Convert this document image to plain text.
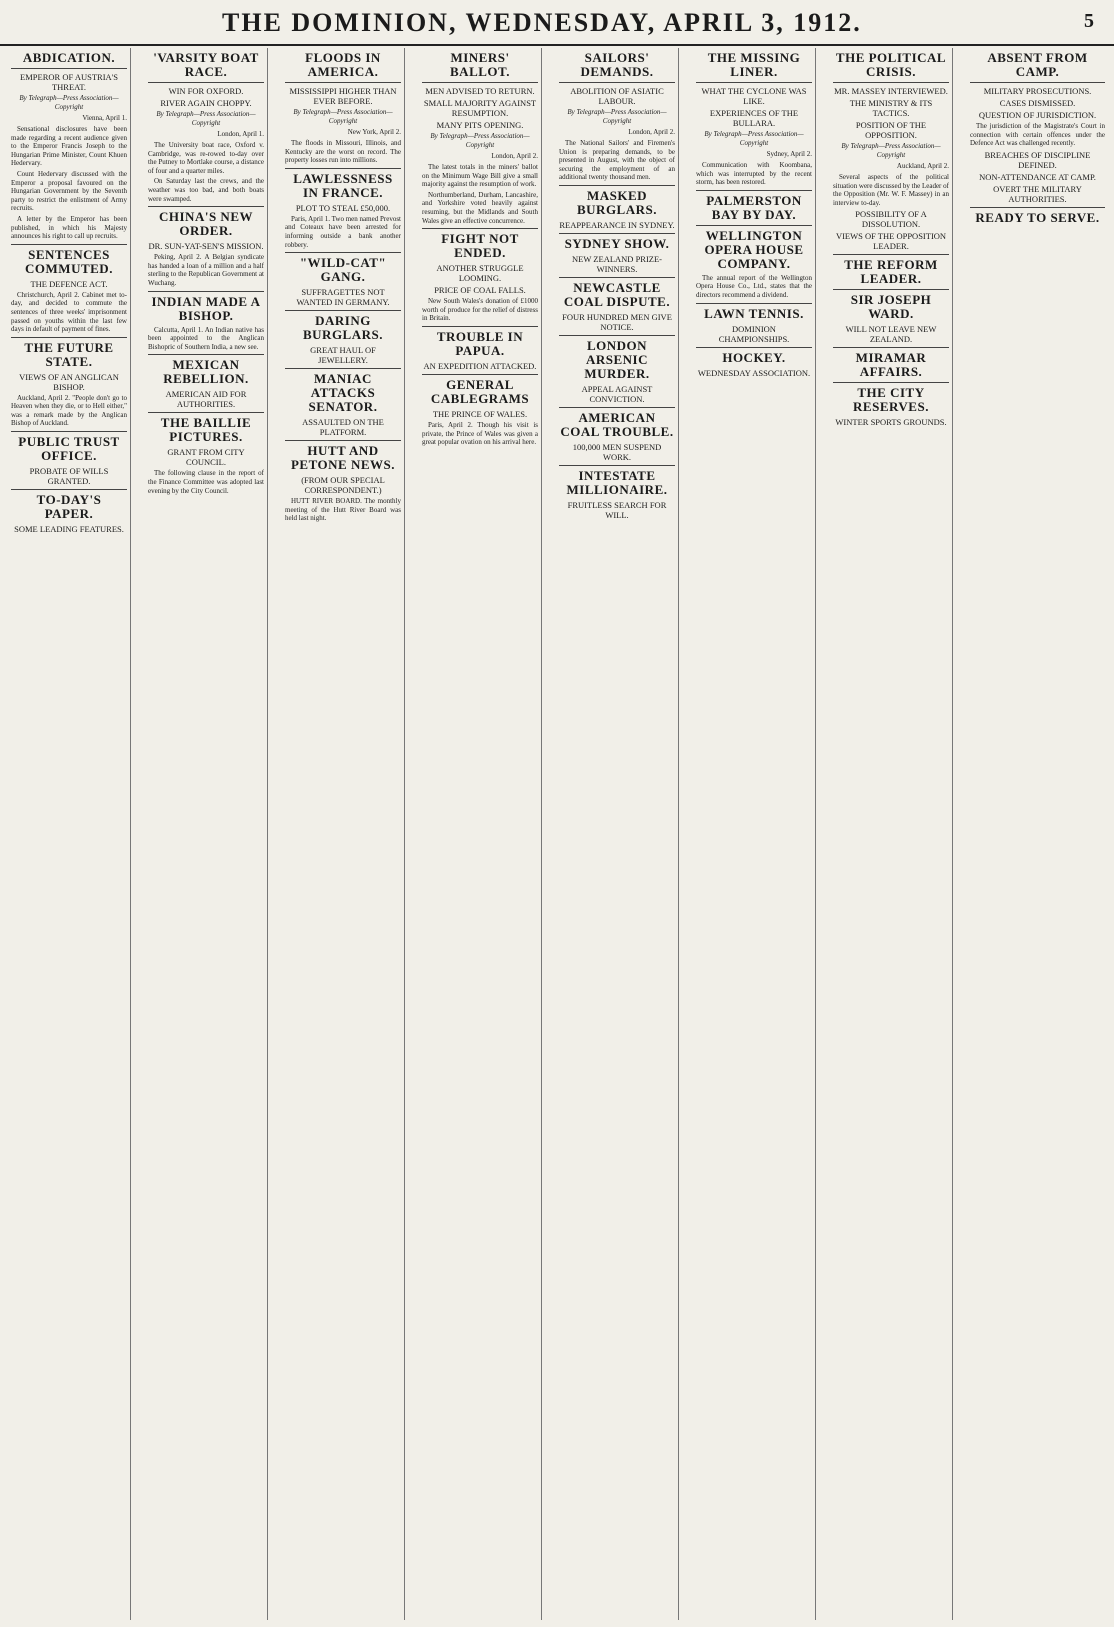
THE DOMINION, WEDNESDAY, APRIL 3, 1912.	5
ABDICATION.
EMPEROR OF AUSTRIA'S THREAT.
By Telegraph—Press Association—Copyright
Vienna, April 1.
Sensational disclosures have been made regarding a recent audience given to the Emperor Francis Joseph to the Hungarian Prime Minister, Count Khuen Hedervary.
Count Hedervary discussed with the Emperor a proposal favoured on the Hungarian Government by the Seventh party to restrict the enlistment of Army recruits.
A letter by the Emperor has been published, in which his Majesty announces his right to call up recruits.
SENTENCES COMMUTED.
THE DEFENCE ACT.
Christchurch, April 2. Cabinet met to-day, and decided to commute the sentences of three weeks' imprisonment passed on youths within the last few days in default of payment of fines.
THE FUTURE STATE.
VIEWS OF AN ANGLICAN BISHOP.
Auckland, April 2. "People don't go to Heaven when they die, or to Hell either," was a remark made by the Anglican Bishop of Auckland.
PUBLIC TRUST OFFICE.
PROBATE OF WILLS GRANTED.
TO-DAY'S PAPER.
SOME LEADING FEATURES.
'VARSITY BOAT RACE.
WIN FOR OXFORD.
RIVER AGAIN CHOPPY.
By Telegraph—Press Association—Copyright
London, April 1.
The University boat race, Oxford v. Cambridge, was re-rowed to-day over the Putney to Mortlake course, a distance of four and a quarter miles.
On Saturday last the crews, and the weather was too bad, and both boats were swamped.
CHINA'S NEW ORDER.
DR. SUN-YAT-SEN'S MISSION.
Peking, April 2. A Belgian syndicate has handed a loan of a million and a half sterling to the Republican Government at Wuchang.
INDIAN MADE A BISHOP.
Calcutta, April 1. An Indian native has been appointed to the Anglican Bishopric of Southern India, a new see.
MEXICAN REBELLION.
AMERICAN AID FOR AUTHORITIES.
THE BAILLIE PICTURES.
GRANT FROM CITY COUNCIL.
The following clause in the report of the Finance Committee was adopted last evening by the City Council.
FLOODS IN AMERICA.
MISSISSIPPI HIGHER THAN EVER BEFORE.
By Telegraph—Press Association—Copyright
New York, April 2.
The floods in Missouri, Illinois, and Kentucky are the worst on record. The property losses run into millions.
LAWLESSNESS IN FRANCE.
PLOT TO STEAL £50,000.
Paris, April 1. Two men named Prevost and Coteaux have been arrested for informing outside a bank another robbery.
"WILD-CAT" GANG.
SUFFRAGETTES NOT WANTED IN GERMANY.
DARING BURGLARS.
GREAT HAUL OF JEWELLERY.
MANIAC ATTACKS SENATOR.
ASSAULTED ON THE PLATFORM.
HUTT AND PETONE NEWS.
(FROM OUR SPECIAL CORRESPONDENT.)
HUTT RIVER BOARD. The monthly meeting of the Hutt River Board was held last night.
MINERS' BALLOT.
MEN ADVISED TO RETURN.
SMALL MAJORITY AGAINST RESUMPTION.
MANY PITS OPENING.
By Telegraph—Press Association—Copyright
London, April 2.
The latest totals in the miners' ballot on the Minimum Wage Bill give a small majority against the resumption of work.
Northumberland, Durham, Lancashire, and Yorkshire voted heavily against resuming, but the Midlands and South Wales give an effective concurrence.
FIGHT NOT ENDED.
ANOTHER STRUGGLE LOOMING.
PRICE OF COAL FALLS.
New South Wales's donation of £1000 worth of produce for the relief of distress in Britain.
TROUBLE IN PAPUA.
AN EXPEDITION ATTACKED.
GENERAL CABLEGRAMS
THE PRINCE OF WALES.
Paris, April 2. Though his visit is private, the Prince of Wales was given a great popular ovation on his arrival here.
SAILORS' DEMANDS.
ABOLITION OF ASIATIC LABOUR.
By Telegraph—Press Association—Copyright
London, April 2.
The National Sailors' and Firemen's Union is preparing demands, to be presented in August, with the object of securing the employment of an additional twenty thousand men.
MASKED BURGLARS.
REAPPEARANCE IN SYDNEY.
SYDNEY SHOW.
NEW ZEALAND PRIZE-WINNERS.
NEWCASTLE COAL DISPUTE.
FOUR HUNDRED MEN GIVE NOTICE.
LONDON ARSENIC MURDER.
APPEAL AGAINST CONVICTION.
AMERICAN COAL TROUBLE.
100,000 MEN SUSPEND WORK.
INTESTATE MILLIONAIRE.
FRUITLESS SEARCH FOR WILL.
THE MISSING LINER.
WHAT THE CYCLONE WAS LIKE.
EXPERIENCES OF THE BULLARA.
By Telegraph—Press Association—Copyright
Sydney, April 2.
Communication with Koombana, which was interrupted by the recent storm, has been restored.
PALMERSTON BAY BY DAY.
WELLINGTON OPERA HOUSE COMPANY.
The annual report of the Wellington Opera House Co., Ltd., states that the directors recommend a dividend.
LAWN TENNIS.
DOMINION CHAMPIONSHIPS.
HOCKEY.
WEDNESDAY ASSOCIATION.
THE POLITICAL CRISIS.
MR. MASSEY INTERVIEWED.
THE MINISTRY & ITS TACTICS.
POSITION OF THE OPPOSITION.
By Telegraph—Press Association—Copyright
Auckland, April 2.
Several aspects of the political situation were discussed by the Leader of the Opposition (Mr. W. F. Massey) in an interview to-day.
POSSIBILITY OF A DISSOLUTION.
VIEWS OF THE OPPOSITION LEADER.
THE REFORM LEADER.
SIR JOSEPH WARD.
WILL NOT LEAVE NEW ZEALAND.
MIRAMAR AFFAIRS.
THE CITY RESERVES.
WINTER SPORTS GROUNDS.
ABSENT FROM CAMP.
MILITARY PROSECUTIONS.
CASES DISMISSED.
QUESTION OF JURISDICTION.
The jurisdiction of the Magistrate's Court in connection with certain offences under the Defence Act was challenged recently.
BREACHES OF DISCIPLINE DEFINED.
NON-ATTENDANCE AT CAMP.
OVERT THE MILITARY AUTHORITIES.
READY TO SERVE.
